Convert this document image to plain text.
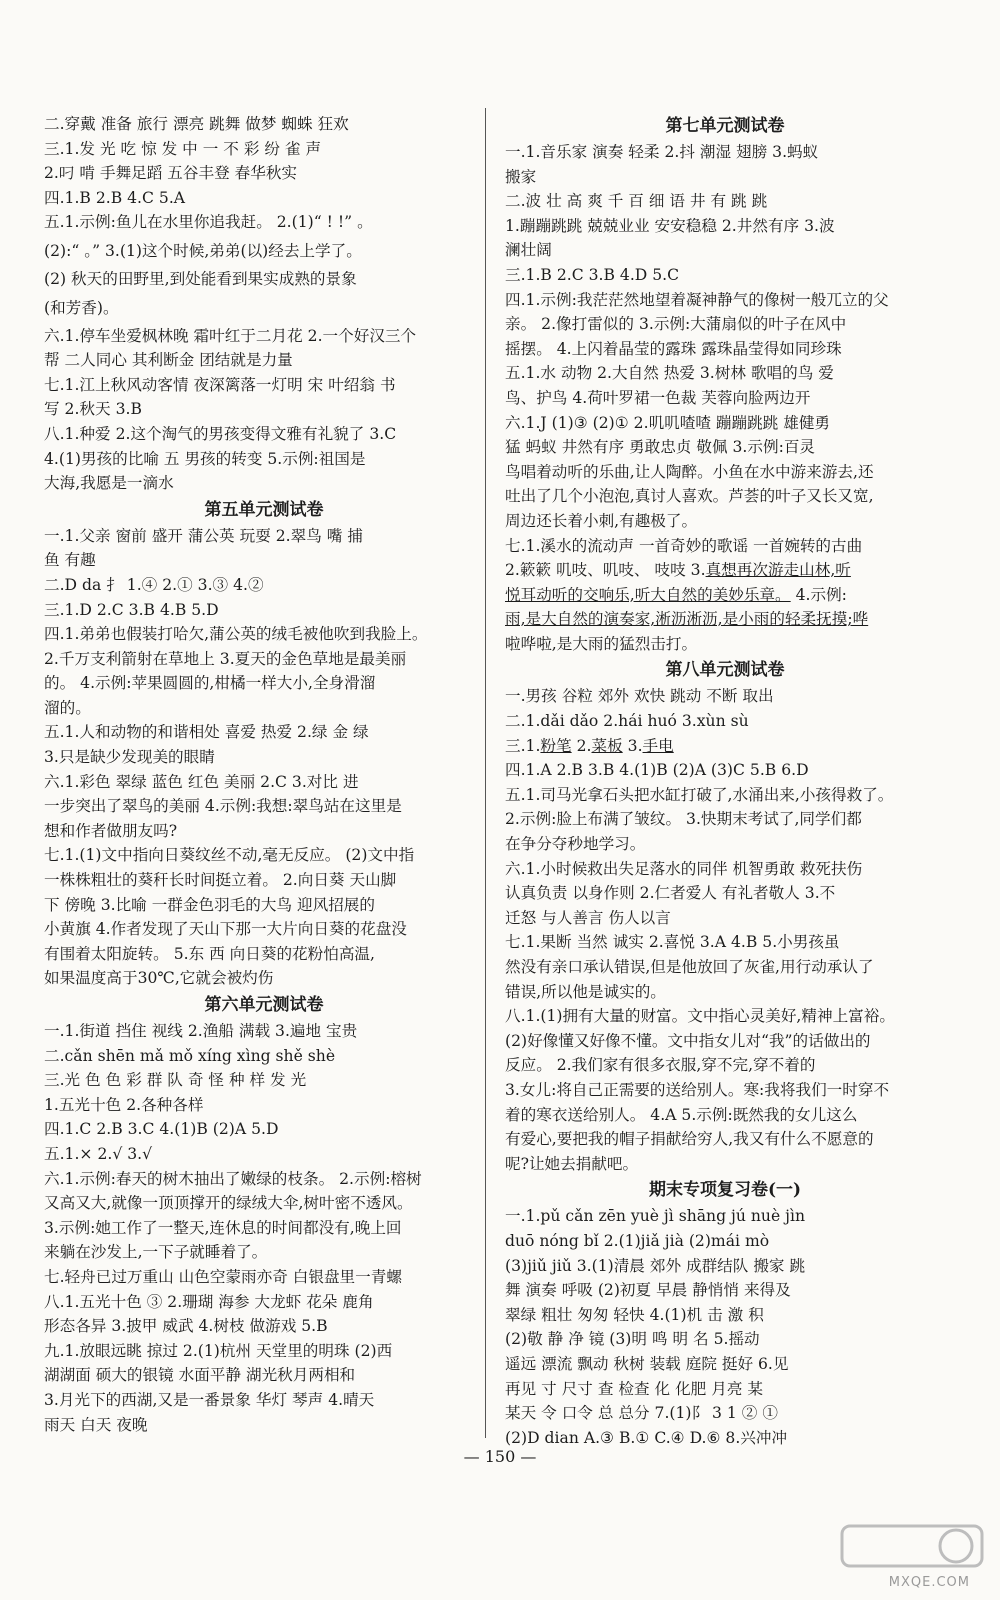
二.穿戴 准备 旅行 漂亮 跳舞 做梦 蜘蛛 狂欢
三.1.发 光 吃 惊 发 中 一 不 彩 纷 雀 声
2.叼 啃 手舞足蹈 五谷丰登 春华秋实
四.1.B 2.B 4.C 5.A
五.1.示例:鱼儿在水里你追我赶。 2.(1)“ ! !” 。
(2):“ 。” 3.(1)这个时候,弟弟(以)经去上学了。
(2) 秋天的田野里,到处能看到果实成熟的景象
(和芳香)。
六.1.停车坐爱枫林晚 霜叶红于二月花 2.一个好汉三个
帮 二人同心 其利断金 团结就是力量
七.1.江上秋风动客情 夜深篱落一灯明 宋 叶绍翁 书
写 2.秋天 3.B
八.1.种爱 2.这个淘气的男孩变得文雅有礼貌了 3.C
4.(1)男孩的比喻 五 男孩的转变 5.示例:祖国是
大海,我愿是一滴水
第五单元测试卷
一.1.父亲 窗前 盛开 蒲公英 玩耍 2.翠鸟 嘴 捕
鱼 有趣
二.D da 扌 1.④ 2.① 3.③ 4.②
三.1.D 2.C 3.B 4.B 5.D
四.1.弟弟也假装打哈欠,蒲公英的绒毛被他吹到我脸上。
2.千万支利箭射在草地上 3.夏天的金色草地是最美丽
的。 4.示例:苹果圆圆的,柑橘一样大小,全身滑溜
溜的。
五.1.人和动物的和谐相处 喜爱 热爱 2.绿 金 绿
3.只是缺少发现美的眼睛
六.1.彩色 翠绿 蓝色 红色 美丽 2.C 3.对比 进
一步突出了翠鸟的美丽 4.示例:我想:翠鸟站在这里是
想和作者做朋友吗?
七.1.(1)文中指向日葵纹丝不动,毫无反应。 (2)文中指
一株株粗壮的葵秆长时间挺立着。 2.向日葵 天山脚
下 傍晚 3.比喻 一群金色羽毛的大鸟 迎风招展的
小黄旗 4.作者发现了天山下那一大片向日葵的花盘没
有围着太阳旋转。 5.东 西 向日葵的花粉怕高温,
如果温度高于30℃,它就会被灼伤
第六单元测试卷
一.1.街道 挡住 视线 2.渔船 满载 3.遍地 宝贵
二.cǎn shēn mǎ mǒ xíng xìng shě shè
三.光 色 色 彩 群 队 奇 怪 种 样 发 光
1.五光十色 2.各种各样
四.1.C 2.B 3.C 4.(1)B (2)A 5.D
五.1.× 2.√ 3.√
六.1.示例:春天的树木抽出了嫩绿的枝条。 2.示例:榕树
又高又大,就像一顶顶撑开的绿绒大伞,树叶密不透风。
3.示例:她工作了一整天,连休息的时间都没有,晚上回
来躺在沙发上,一下子就睡着了。
七.轻舟已过万重山 山色空蒙雨亦奇 白银盘里一青螺
八.1.五光十色 ③ 2.珊瑚 海参 大龙虾 花朵 鹿角
形态各异 3.披甲 威武 4.树枝 做游戏 5.B
九.1.放眼远眺 掠过 2.(1)杭州 天堂里的明珠 (2)西
湖湖面 硕大的银镜 水面平静 湖光秋月两相和
3.月光下的西湖,又是一番景象 华灯 琴声 4.晴天
雨天 白天 夜晚
第七单元测试卷
一.1.音乐家 演奏 轻柔 2.抖 潮湿 翅膀 3.蚂蚁
搬家
二.波 壮 高 爽 千 百 细 语 井 有 跳 跳
1.蹦蹦跳跳 兢兢业业 安安稳稳 2.井然有序 3.波
澜壮阔
三.1.B 2.C 3.B 4.D 5.C
四.1.示例:我茫茫然地望着凝神静气的像树一般兀立的父
亲。 2.像打雷似的 3.示例:大蒲扇似的叶子在风中
摇摆。 4.上闪着晶莹的露珠 露珠晶莹得如同珍珠
五.1.水 动物 2.大自然 热爱 3.树林 歌唱的鸟 爱
鸟、护鸟 4.荷叶罗裙一色裁 芙蓉向脸两边开
六.1.J (1)③ (2)① 2.叽叽喳喳 蹦蹦跳跳 雄健勇
猛 蚂蚁 井然有序 勇敢忠贞 敬佩 3.示例:百灵
鸟唱着动听的乐曲,让人陶醉。小鱼在水中游来游去,还
吐出了几个小泡泡,真讨人喜欢。芦荟的叶子又长又宽,
周边还长着小刺,有趣极了。
七.1.溪水的流动声 一首奇妙的歌谣 一首婉转的古曲
2.簌簌 叽吱、叽吱、 吱吱 3.真想再次游走山林,听
悦耳动听的交响乐,听大自然的美妙乐章。 4.示例:
雨,是大自然的演奏家,淅沥淅沥,是小雨的轻柔抚摸;哗
啦哗啦,是大雨的猛烈击打。
第八单元测试卷
一.男孩 谷粒 郊外 欢快 跳动 不断 取出
二.1.dǎi dǎo 2.hái huó 3.xùn sù
三.1.粉笔 2.菜板 3.手电
四.1.A 2.B 3.B 4.(1)B (2)A (3)C 5.B 6.D
五.1.司马光拿石头把水缸打破了,水涌出来,小孩得救了。
2.示例:脸上布满了皱纹。 3.快期末考试了,同学们都
在争分夺秒地学习。
六.1.小时候救出失足落水的同伴 机智勇敢 救死扶伤
认真负责 以身作则 2.仁者爱人 有礼者敬人 3.不
迁怒 与人善言 伤人以言
七.1.果断 当然 诚实 2.喜悦 3.A 4.B 5.小男孩虽
然没有亲口承认错误,但是他放回了灰雀,用行动承认了
错误,所以他是诚实的。
八.1.(1)拥有大量的财富。文中指心灵美好,精神上富裕。
(2)好像懂又好像不懂。文中指女儿对“我”的话做出的
反应。 2.我们家有很多衣服,穿不完,穿不着的
3.女儿:将自己正需要的送给别人。寒:我将我们一时穿不
着的寒衣送给别人。 4.A 5.示例:既然我的女儿这么
有爱心,要把我的帽子捐献给穷人,我又有什么不愿意的
呢?让她去捐献吧。
期末专项复习卷(一)
一.1.pǔ cǎn zēn yuè jì shāng jú nuè jìn
duō nóng bǐ 2.(1)jiǎ jià (2)mái mò
(3)jiǔ jiǔ 3.(1)清晨 郊外 成群结队 搬家 跳
舞 演奏 呼吸 (2)初夏 早晨 静悄悄 来得及
翠绿 粗壮 匆匆 轻快 4.(1)机 击 激 积
(2)敬 静 净 镜 (3)明 鸣 明 名 5.摇动
遥远 漂流 飘动 秋树 装载 庭院 挺好 6.见
再见 寸 尺寸 查 检查 化 化肥 月亮 某
某天 令 口令 总 总分 7.(1)阝 3 1 ② ①
(2)D dian A.③ B.① C.④ D.⑥ 8.兴冲冲
— 150 —
MXQE.COM
